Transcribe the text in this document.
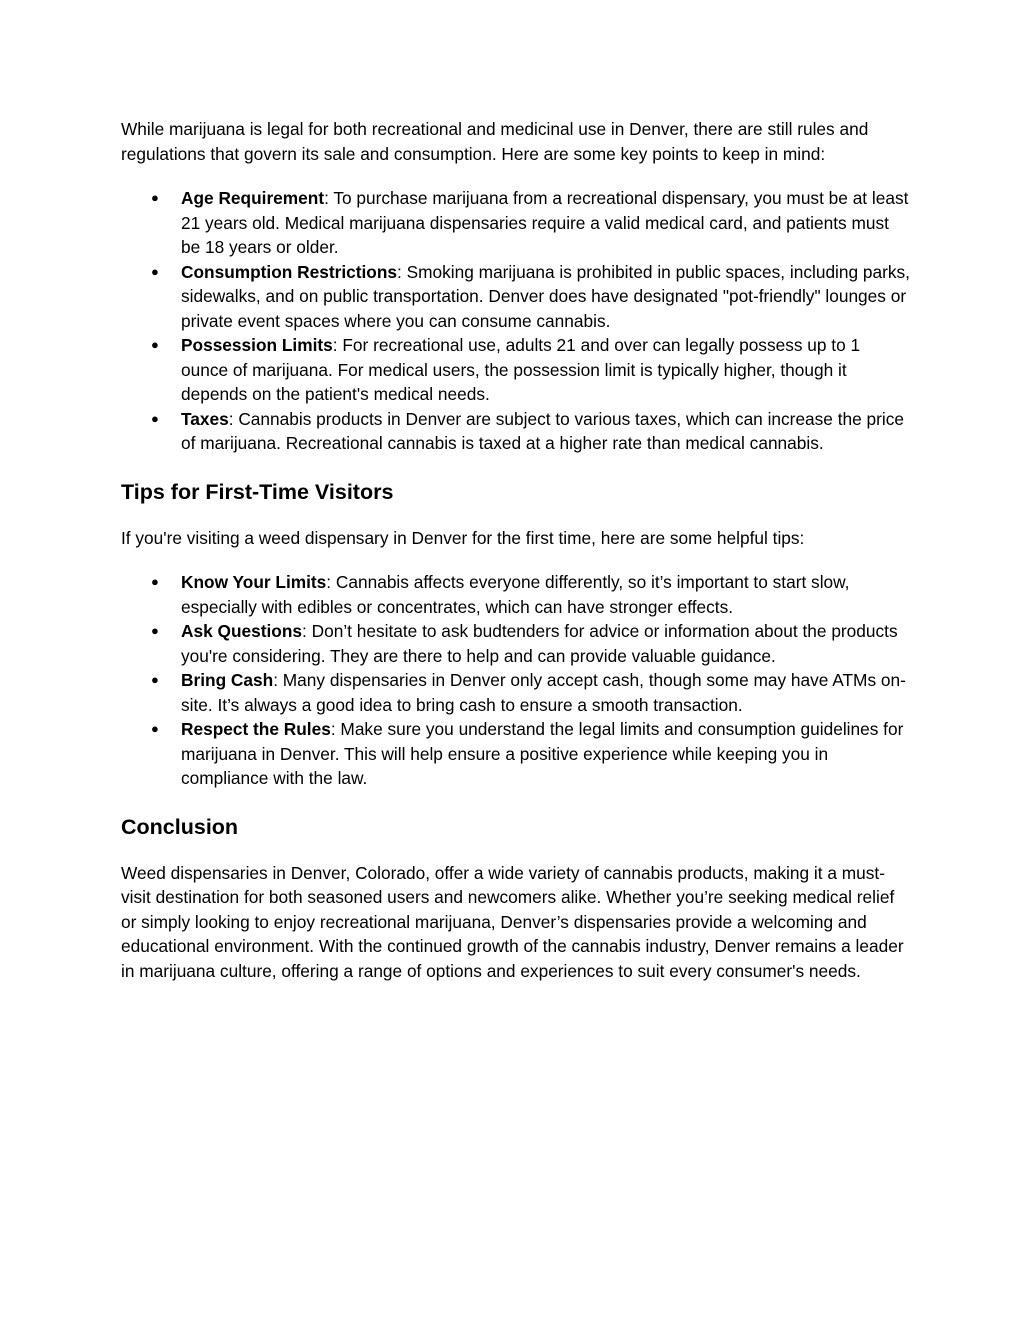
While marijuana is legal for both recreational and medicinal use in Denver, there are still rules and regulations that govern its sale and consumption. Here are some key points to keep in mind:

● Age Requirement: To purchase marijuana from a recreational dispensary, you must be at least 21 years old. Medical marijuana dispensaries require a valid medical card, and patients must be 18 years or older.
● Consumption Restrictions: Smoking marijuana is prohibited in public spaces, including parks, sidewalks, and on public transportation. Denver does have designated "pot-friendly" lounges or private event spaces where you can consume cannabis.
● Possession Limits: For recreational use, adults 21 and over can legally possess up to 1 ounce of marijuana. For medical users, the possession limit is typically higher, though it depends on the patient's medical needs.
● Taxes: Cannabis products in Denver are subject to various taxes, which can increase the price of marijuana. Recreational cannabis is taxed at a higher rate than medical cannabis.
Tips for First-Time Visitors

If you're visiting a weed dispensary in Denver for the first time, here are some helpful tips:

● Know Your Limits: Cannabis affects everyone differently, so it’s important to start slow, especially with edibles or concentrates, which can have stronger effects.
● Ask Questions: Don’t hesitate to ask budtenders for advice or information about the products you're considering. They are there to help and can provide valuable guidance.
● Bring Cash: Many dispensaries in Denver only accept cash, though some may have ATMs on-site. It’s always a good idea to bring cash to ensure a smooth transaction.
● Respect the Rules: Make sure you understand the legal limits and consumption guidelines for marijuana in Denver. This will help ensure a positive experience while keeping you in compliance with the law.
Conclusion

Weed dispensaries in Denver, Colorado, offer a wide variety of cannabis products, making it a must-visit destination for both seasoned users and newcomers alike. Whether you’re seeking medical relief or simply looking to enjoy recreational marijuana, Denver’s dispensaries provide a welcoming and educational environment. With the continued growth of the cannabis industry, Denver remains a leader in marijuana culture, offering a range of options and experiences to suit every consumer's needs.
